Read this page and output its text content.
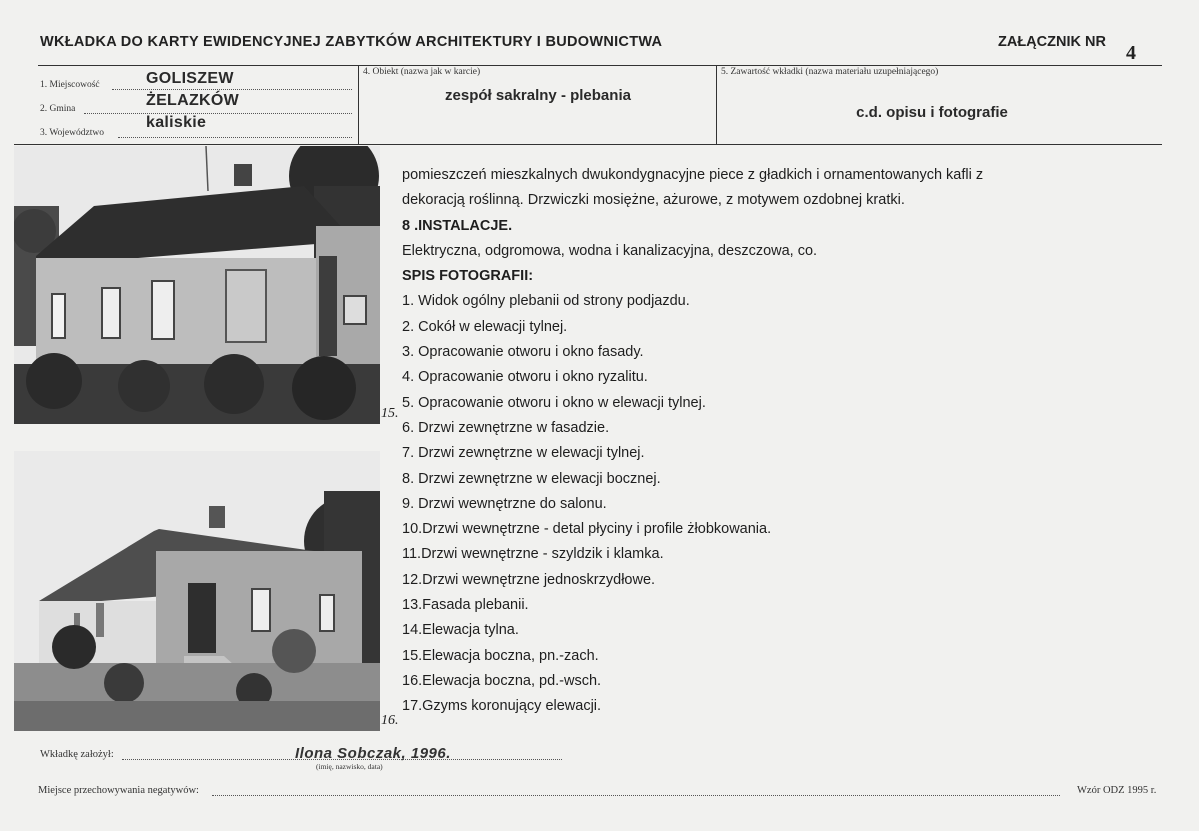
WKŁADKA DO KARTY EWIDENCYJNEJ ZABYTKÓW ARCHITEKTURY I BUDOWNICTWA	ZAŁĄCZNIK NR 4
1. Miejscowość	GOLISZEW
2. Gmina	ŻELAZKÓW
3. Województwo
kaliskie
4. Obiekt (nazwa jak w karcie)
zespół sakralny - plebania
5. Zawartość wkładki (nazwa materiału uzupełniającego)
c.d. opisu i fotografie
15.
16.

pomieszczeń mieszkalnych dwukondygnacyjne piece z gładkich i ornamentowanych kafli z

dekoracją roślinną. Drzwiczki mosiężne, ażurowe, z motywem ozdobnej kratki.

8 .INSTALACJE.

Elektryczna, odgromowa, wodna i kanalizacyjna, deszczowa, co.

SPIS FOTOGRAFII:

1. Widok ogólny plebanii od strony podjazdu.

2. Cokół w elewacji tylnej.

3. Opracowanie otworu i okno fasady.

4. Opracowanie otworu i okno ryzalitu.

5. Opracowanie otworu i okno w elewacji tylnej.

6. Drzwi zewnętrzne w fasadzie.

7. Drzwi zewnętrzne w elewacji tylnej.

8. Drzwi zewnętrzne w elewacji bocznej.

9. Drzwi wewnętrzne do salonu.

10.Drzwi wewnętrzne - detal płyciny i profile żłobkowania.

11.Drzwi wewnętrzne - szyldzik i klamka.

12.Drzwi wewnętrzne jednoskrzydłowe.

13.Fasada plebanii.

14.Elewacja tylna.

15.Elewacja boczna, pn.-zach.

16.Elewacja boczna, pd.-wsch.

17.Gzyms koronujący elewacji.

Wkładkę założył:	Ilona Sobczak, 1996.
(imię, nazwisko, data)
Miejsce przechowywania negatywów:	Wzór ODZ 1995 r.
